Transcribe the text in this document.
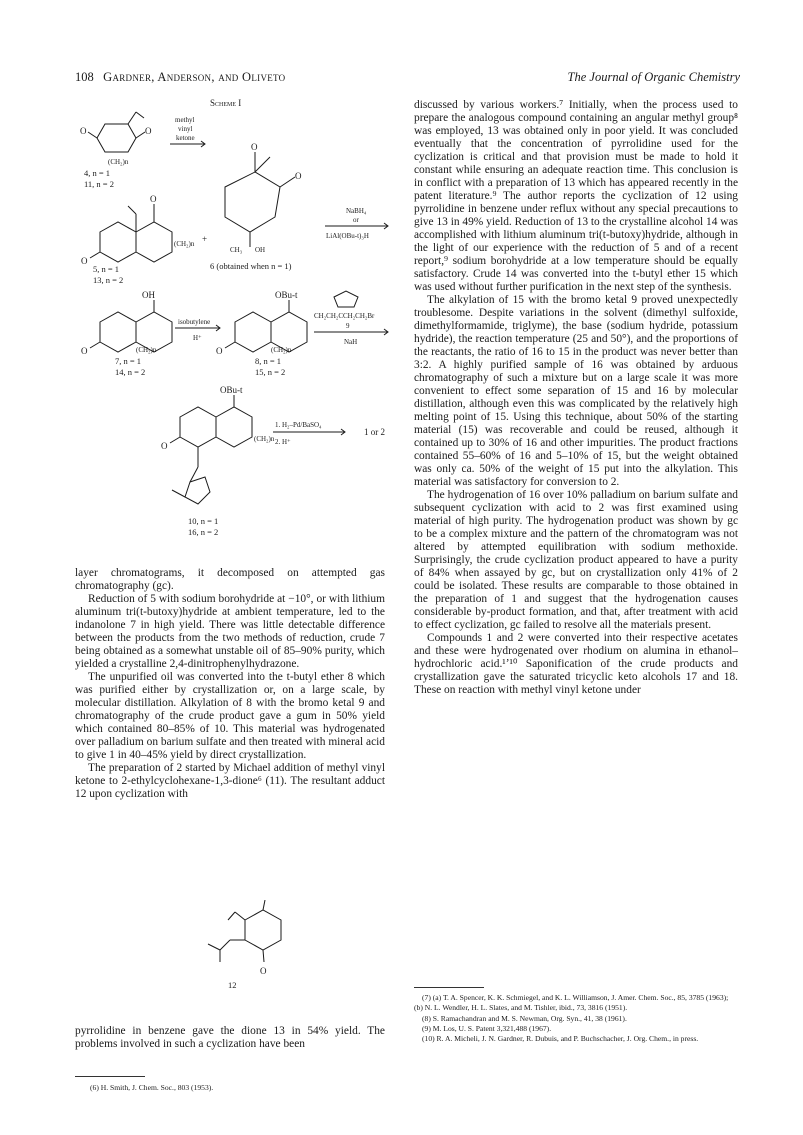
108 Gardner, Anderson, and Oliveto	The Journal of Organic Chemistry
Scheme I
O	O
(CH₂)n
4, n = 1
11, n = 2
methyl
vinyl
ketone
O
O
CH₃ OH
6 (obtained when n = 1)
O
O
(CH₂)n +
5, n = 1
13, n = 2
NaBH₄
or
LiAl(OBu-t)₃H
OH
O	(CH₂)n
7, n = 1
14, n = 2
isobutylene
H⁺
OBu-t
O	(CH₂)n
8, n = 1
15, n = 2
CH₂CH₂CCH₂CH₂Br
9
NaH
OBu-t
O
(CH₂)n
10, n = 1
16, n = 2
1. H₂–Pd/BaSO₄
2. H⁺
1 or 2

layer chromatograms, it decomposed on attempted gas chromatography (gc).

Reduction of 5 with sodium borohydride at −10°, or with lithium aluminum tri(t-butoxy)hydride at ambient temperature, led to the indanolone 7 in high yield. There was little detectable difference between the products from the two methods of reduction, crude 7 being obtained as a somewhat unstable oil of 85–90% purity, which yielded a crystalline 2,4-dinitrophenylhydrazone.

The unpurified oil was converted into the t-butyl ether 8 which was purified either by crystallization or, on a large scale, by molecular distillation. Alkylation of 8 with the bromo ketal 9 and chromatography of the crude product gave a gum in 50% yield which contained 80–85% of 10. This material was hydrogenated over palladium on barium sulfate and then treated with mineral acid to give 1 in 40–45% yield by direct crystallization.

The preparation of 2 started by Michael addition of methyl vinyl ketone to 2-ethylcyclohexane-1,3-dione⁶ (11). The resultant adduct 12 upon cyclization with

O
12

pyrrolidine in benzene gave the dione 13 in 54% yield. The problems involved in such a cyclization have been

(6) H. Smith, J. Chem. Soc., 803 (1953).

discussed by various workers.⁷ Initially, when the process used to prepare the analogous compound containing an angular methyl group⁸ was employed, 13 was obtained only in poor yield. It was concluded eventually that the concentration of pyrrolidine used for the cyclization is critical and that provision must be made to hold it constant while ensuring an adequate reaction time. This conclusion is in conflict with a preparation of 13 which has appeared recently in the patent literature.⁹ The author reports the cyclization of 12 using pyrrolidine in benzene under reflux without any special precautions to give 13 in 49% yield. Reduction of 13 to the crystalline alcohol 14 was accomplished with lithium aluminum tri(t-butoxy)hydride, although in the light of our experience with the reduction of 5 and of a recent report,⁹ sodium borohydride at a low temperature should be equally satisfactory. Crude 14 was converted into the t-butyl ether 15 which was used without further purification in the next step of the synthesis.

The alkylation of 15 with the bromo ketal 9 proved unexpectedly troublesome. Despite variations in the solvent (dimethyl sulfoxide, dimethylformamide, triglyme), the base (sodium hydride, potassium hydride), the reaction temperature (25 and 50°), and the proportions of the reactants, the ratio of 16 to 15 in the product was never better than 3:2. A highly purified sample of 16 was obtained by arduous chromatography of such a mixture but on a large scale it was more convenient to effect some separation of 15 and 16 by molecular distillation, although even this was complicated by the relatively high melting point of 15. Using this technique, about 50% of the starting material (15) was recoverable and could be reused, although it contained up to 30% of 16 and other impurities. The product fractions contained 55–60% of 16 and 5–10% of 15, but the weight obtained was only ca. 50% of the weight of 15 put into the alkylation. This material was satisfactory for conversion to 2.

The hydrogenation of 16 over 10% palladium on barium sulfate and subsequent cyclization with acid to 2 was first examined using material of high purity. The hydrogenation product was shown by gc to be a complex mixture and the pattern of the chromatogram was not altered by attempted equilibration with sodium methoxide. Surprisingly, the crude cyclization product appeared to have a purity of 84% when assayed by gc, but on crystallization only 41% of 2 could be isolated. These results are comparable to those obtained in the preparation of 1 and suggest that the hydrogenation causes considerable by-product formation, and that, after treatment with acid to effect cyclization, gc failed to resolve all the materials present.

Compounds 1 and 2 were converted into their respective acetates and these were hydrogenated over rhodium on alumina in ethanol–hydrochloric acid.¹ʼ¹⁰ Saponification of the crude products and crystallization gave the saturated tricyclic keto alcohols 17 and 18. These on reaction with methyl vinyl ketone under

(7) (a) T. A. Spencer, K. K. Schmiegel, and K. L. Williamson, J. Amer. Chem. Soc., 85, 3785 (1963); (b) N. L. Wendler, H. L. Slates, and M. Tishler, ibid., 73, 3816 (1951).
(8) S. Ramachandran and M. S. Newman, Org. Syn., 41, 38 (1961).
(9) M. Los, U. S. Patent 3,321,488 (1967).
(10) R. A. Micheli, J. N. Gardner, R. Dubuis, and P. Buchschacher, J. Org. Chem., in press.
